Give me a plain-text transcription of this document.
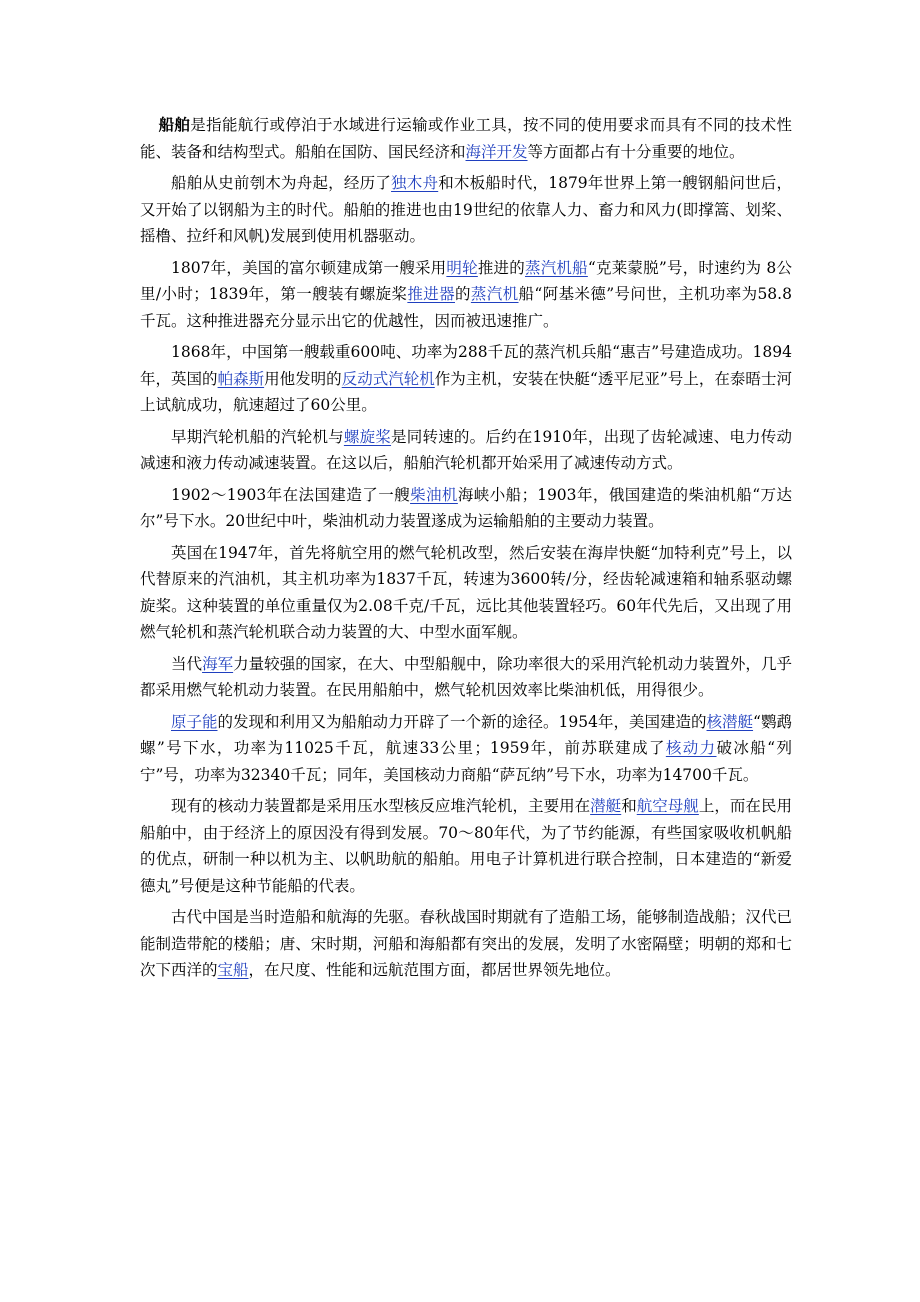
船舶是指能航行或停泊于水域进行运输或作业工具，按不同的使用要求而具有不同的技术性能、装备和结构型式。船舶在国防、国民经济和海洋开发等方面都占有十分重要的地位。

船舶从史前刳木为舟起，经历了独木舟和木板船时代，1879年世界上第一艘钢船问世后，又开始了以钢船为主的时代。船舶的推进也由19世纪的依靠人力、畜力和风力(即撑篙、划桨、摇橹、拉纤和风帆)发展到使用机器驱动。

1807年，美国的富尔顿建成第一艘采用明轮推进的蒸汽机船“克莱蒙脱”号，时速约为 8公里/小时；1839年，第一艘装有螺旋桨推进器的蒸汽机船“阿基米德”号问世，主机功率为58.8千瓦。这种推进器充分显示出它的优越性，因而被迅速推广。

1868年，中国第一艘载重600吨、功率为288千瓦的蒸汽机兵船“惠吉”号建造成功。1894年，英国的帕森斯用他发明的反动式汽轮机作为主机，安装在快艇“透平尼亚”号上，在泰晤士河上试航成功，航速超过了60公里。

早期汽轮机船的汽轮机与螺旋桨是同转速的。后约在1910年，出现了齿轮减速、电力传动减速和液力传动减速装置。在这以后，船舶汽轮机都开始采用了减速传动方式。

1902～1903年在法国建造了一艘柴油机海峡小船；1903年，俄国建造的柴油机船“万达尔”号下水。20世纪中叶，柴油机动力装置遂成为运输船舶的主要动力装置。

英国在1947年，首先将航空用的燃气轮机改型，然后安装在海岸快艇“加特利克”号上，以代替原来的汽油机，其主机功率为1837千瓦，转速为3600转/分，经齿轮减速箱和轴系驱动螺旋桨。这种装置的单位重量仅为2.08千克/千瓦，远比其他装置轻巧。60年代先后，又出现了用燃气轮机和蒸汽轮机联合动力装置的大、中型水面军舰。

当代海军力量较强的国家，在大、中型船舰中，除功率很大的采用汽轮机动力装置外，几乎都采用燃气轮机动力装置。在民用船舶中，燃气轮机因效率比柴油机低，用得很少。

原子能的发现和利用又为船舶动力开辟了一个新的途径。1954年，美国建造的核潜艇“鹦鹉螺”号下水，功率为11025千瓦，航速33公里；1959年，前苏联建成了核动力破冰船“列宁”号，功率为32340千瓦；同年，美国核动力商船“萨瓦纳”号下水，功率为14700千瓦。

现有的核动力装置都是采用压水型核反应堆汽轮机，主要用在潜艇和航空母舰上，而在民用船舶中，由于经济上的原因没有得到发展。70～80年代，为了节约能源，有些国家吸收机帆船的优点，研制一种以机为主、以帆助航的船舶。用电子计算机进行联合控制，日本建造的“新爱德丸”号便是这种节能船的代表。

古代中国是当时造船和航海的先驱。春秋战国时期就有了造船工场，能够制造战船；汉代已能制造带舵的楼船；唐、宋时期，河船和海船都有突出的发展，发明了水密隔壁；明朝的郑和七次下西洋的宝船，在尺度、性能和远航范围方面，都居世界领先地位。
